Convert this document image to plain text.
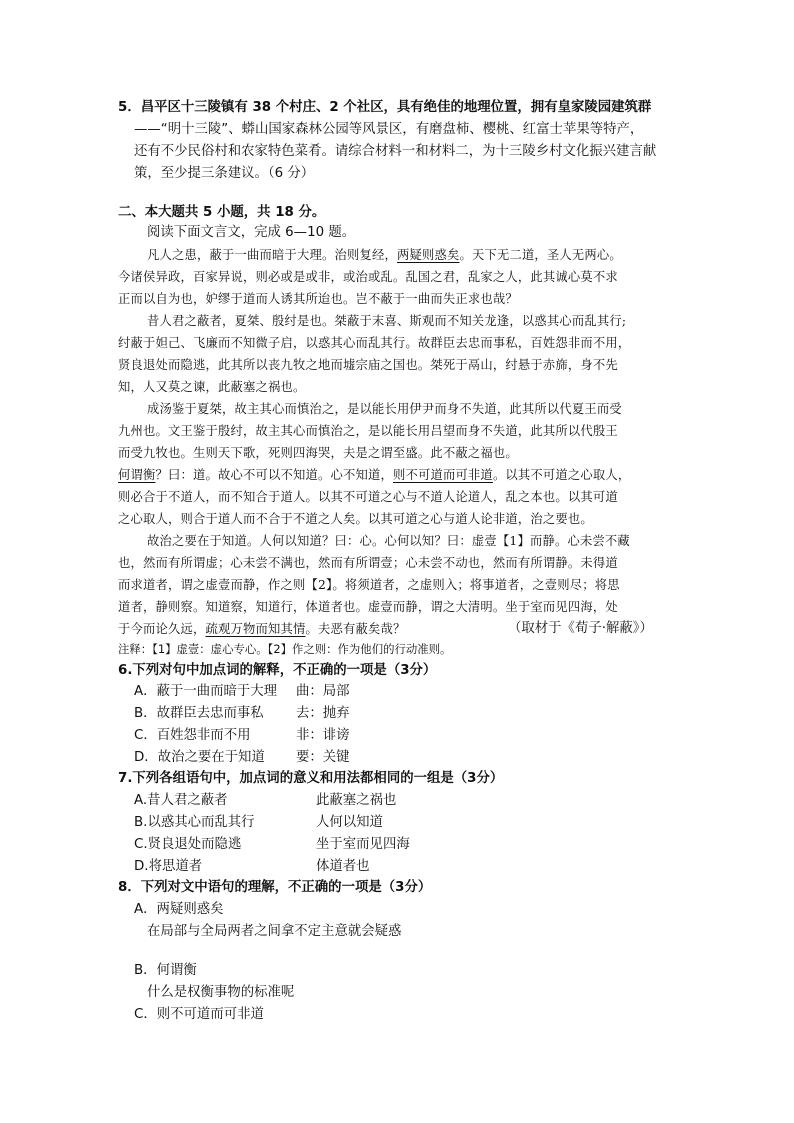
5．昌平区十三陵镇有 38 个村庄、2 个社区，具有绝佳的地理位置，拥有皇家陵园建筑群
——“明十三陵”、蟒山国家森林公园等风景区，有磨盘柿、樱桃、红富士苹果等特产，
还有不少民俗村和农家特色菜肴。请综合材料一和材料二，为十三陵乡村文化振兴建言献
策，至少提三条建议。（6 分）
二、本大题共 5 小题，共 18 分。
阅读下面文言文，完成 6—10 题。
凡人之患，蔽于一曲而暗于大理。治则复经，两疑则惑矣。天下无二道，圣人无两心。
今诸侯异政，百家异说，则必或是或非，或治或乱。乱国之君，乱家之人，此其诚心莫不求
正而以自为也，妒缪于道而人诱其所迨也。岂不蔽于一曲而失正求也哉？
昔人君之蔽者，夏桀、殷纣是也。桀蔽于末喜、斯观而不知关龙逢，以惑其心而乱其行;
纣蔽于妲己、飞廉而不知微子启，以惑其心而乱其行。故群臣去忠而事私，百姓怨非而不用，
贤良退处而隐逃，此其所以丧九牧之地而墟宗庙之国也。桀死于鬲山，纣悬于赤旆，身不先
知，人又莫之谏，此蔽塞之祸也。
成汤鉴于夏桀，故主其心而慎治之，是以能长用伊尹而身不失道，此其所以代夏王而受
九州也。文王鉴于殷纣，故主其心而慎治之，是以能长用吕望而身不失道，此其所以代殷王
而受九牧也。生则天下歌，死则四海哭，夫是之谓至盛。此不蔽之福也。
何谓衡？曰：道。故心不可以不知道。心不知道，则不可道而可非道。以其不可道之心取人，
则必合于不道人，而不知合于道人。以其不可道之心与不道人论道人，乱之本也。以其可道
之心取人，则合于道人而不合于不道之人矣。以其可道之心与道人论非道，治之要也。
故治之要在于知道。人何以知道？曰：心。心何以知？曰：虚壹【1】而静。心未尝不藏
也，然而有所谓虚；心未尝不满也，然而有所谓壹；心未尝不动也，然而有所谓静。未得道
而求道者，谓之虚壹而静，作之则【2】。将须道者，之虚则入；将事道者，之壹则尽；将思
道者，静则察。知道察，知道行，体道者也。虚壹而静，谓之大清明。坐于室而见四海，处
于今而论久远，疏观万物而知其情。夫恶有蔽矣哉？	（取材于《荀子·解蔽》）
注释：【1】虚壹：虚心专心。【2】作之则：作为他们的行动准则。
6.下列对句中加点词的解释，不正确的一项是（3分）
A．蔽于一曲而暗于大理 曲：局部
B．故群臣去忠而事私 去：抛弃
C．百姓怨非而不用	非：诽谤
D．故治之要在于知道 要：关键
7.下列各组语句中，加点词的意义和用法都相同的一组是（3分）
A.昔人君之蔽者	此蔽塞之祸也
B.以惑其心而乱其行	人何以知道
C.贤良退处而隐逃	坐于室而见四海
D.将思道者	体道者也
8．下列对文中语句的理解，不正确的一项是（3分）
A．两疑则惑矣
在局部与全局两者之间拿不定主意就会疑惑
B．何谓衡
什么是权衡事物的标准呢
C．则不可道而可非道
